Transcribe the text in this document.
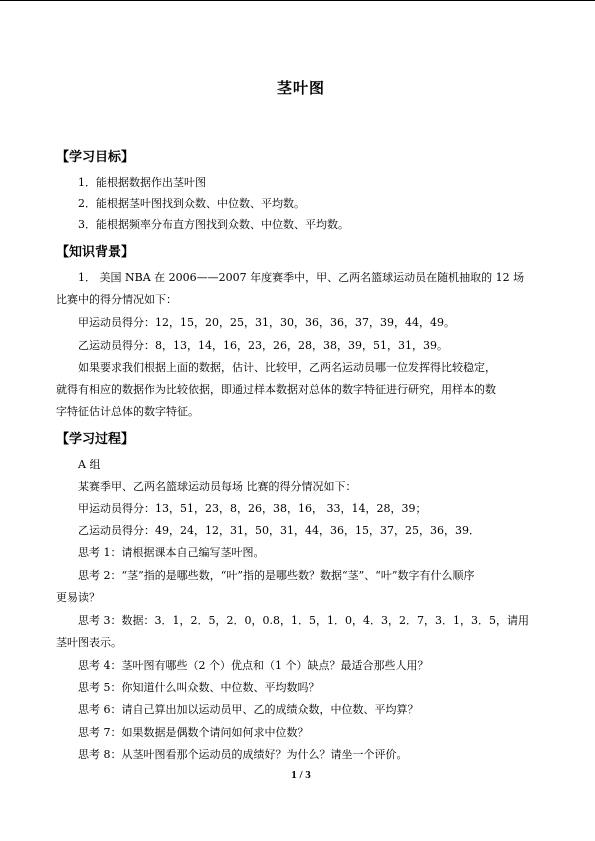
茎叶图
【学习目标】
1．能根据数据作出茎叶图
2．能根据茎叶图找到众数、中位数、平均数。
3．能根据频率分布直方图找到众数、中位数、平均数。
【知识背景】
1． 美国 NBA 在 2006——2007 年度赛季中，甲、乙两名篮球运动员在随机抽取的 12 场
比赛中的得分情况如下：
甲运动员得分：12，15，20，25，31，30，36，36，37，39，44，49。
乙运动员得分：8，13，14，16，23，26，28，38，39，51，31，39。
如果要求我们根据上面的数据，估计、比较甲，乙两名运动员哪一位发挥得比较稳定，
就得有相应的数据作为比较依据，即通过样本数据对总体的数字特征进行研究，用样本的数
字特征估计总体的数字特征。
【学习过程】
A 组
某赛季甲、乙两名篮球运动员每场 比赛的得分情况如下：
甲运动员得分：13，51，23，8，26，38，16， 33，14，28，39；
乙运动员得分：49，24，12，31，50，31，44，36，15，37，25，36，39．
思考 1：请根据课本自己编写茎叶图。
思考 2：“茎”指的是哪些数，“叶”指的是哪些数？数据“茎”、“叶”数字有什么顺序
更易读？
思考 3：数据：3．1，2．5，2．0，0.8，1．5，1．0，4．3，2．7，3．1，3．5，请用
茎叶图表示。
思考 4：茎叶图有哪些（2 个）优点和（1 个）缺点？最适合那些人用？
思考 5：你知道什么叫众数、中位数、平均数吗？
思考 6：请自己算出加以运动员甲、乙的成绩众数，中位数、平均算？
思考 7：如果数据是偶数个请问如何求中位数？
思考 8：从茎叶图看那个运动员的成绩好？为什么？请坐一个评价。
1 / 3
